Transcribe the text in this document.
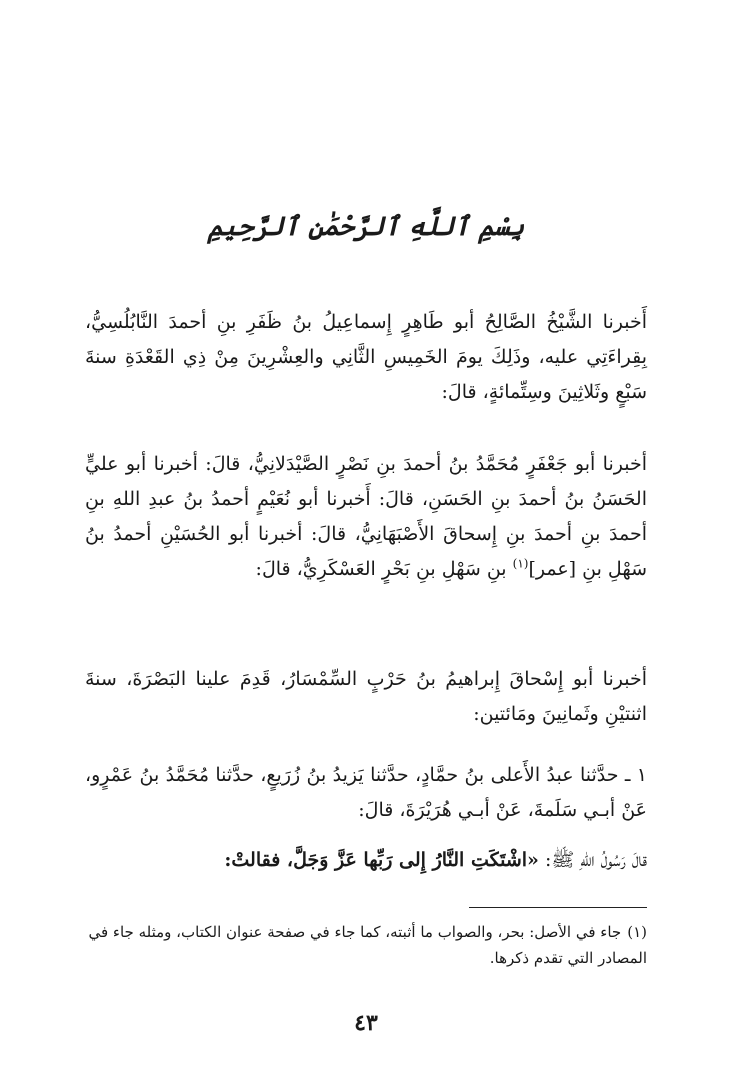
بِسْمِ ٱللَّهِ ٱلرَّحْمَٰنِ ٱلرَّحِيمِ

أَخبرنا الشَّيْخُ الصَّالِحُ أبو طَاهِرٍ إِسماعِيلُ بنُ ظَفَرِ بنِ أحمدَ النَّابُلُسِيُّ، بِقِراءَتِي عليه، وذَلِكَ يومَ الخَمِيسِ الثَّانِي والعِشْرِينَ مِنْ ذِي القَعْدَةِ سنةَ سَبْعٍ وثَلاثِينَ وسِتِّمائةٍ، قالَ:

أخبرنا أبو جَعْفَرٍ مُحَمَّدُ بنُ أحمدَ بنِ نَصْرٍ الصَّيْدَلانِيُّ، قالَ: أخبرنا أبو عليٍّ الحَسَنُ بنُ أحمدَ بنِ الحَسَنِ، قالَ: أَخبرنا أبو نُعَيْمٍ أحمدُ بنُ عبدِ اللهِ بنِ أحمدَ بنِ أحمدَ بنِ إِسحاقَ الأَصْبَهَانِيُّ، قالَ: أخبرنا أبو الحُسَيْنِ أحمدُ بنُ سَهْلِ بنِ [عمر]$^{(١)}$ بنِ سَهْلِ بنِ بَحْرٍ العَسْكَرِيُّ، قالَ:

أخبرنا أبو إِسْحاقَ إِبراهيمُ بنُ حَرْبٍ السِّمْسَارُ، قَدِمَ علينا البَصْرَةَ، سنةَ اثنتيْنِ وثَمانِينَ ومَائتين:

١ ـ حدَّثنا عبدُ الأَعلى بنُ حمَّادٍ، حدَّثنا يَزيدُ بنُ زُرَيعٍ، حدَّثنا مُحَمَّدُ بنُ عَمْرٍو، عَنْ أبـي سَلَمةَ، عَنْ أبـي هُرَيْرَةَ، قالَ:

قالَ رَسُولُ اللهِ ﷺ: «اشْتَكَتِ النَّارُ إِلى رَبِّها عَزَّ وَجَلَّ، فقالتْ:

(١)جاء في الأصل: بحر، والصواب ما أثبته، كما جاء في صفحة عنوان الكتاب، ومثله جاء في المصادر التي تقدم ذكرها.
٤٣
